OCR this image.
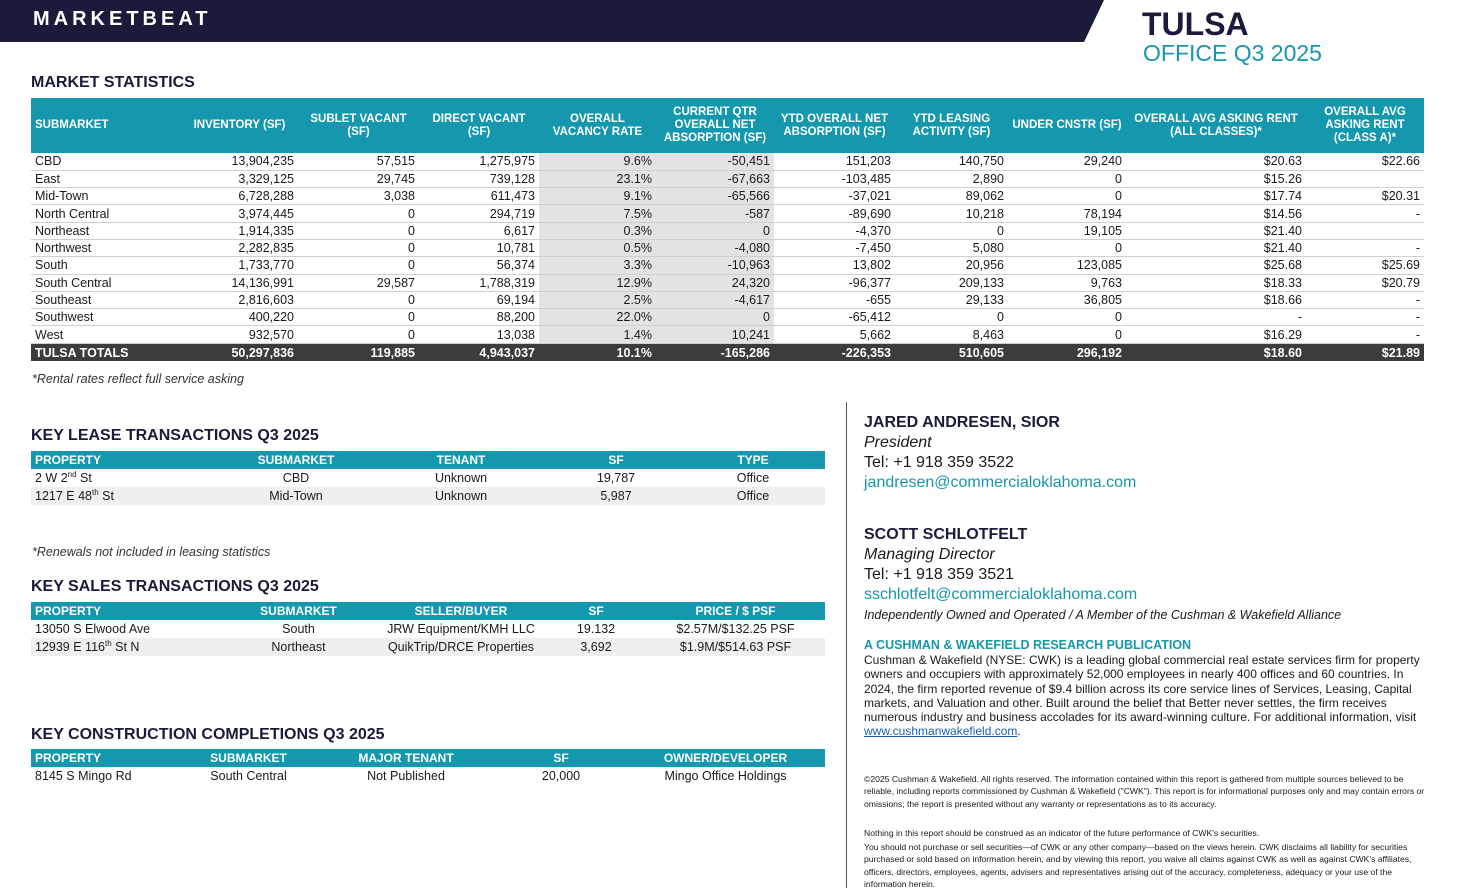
MARKETBEAT	TULSA
OFFICE Q3 2025
MARKET STATISTICS
SUBMARKET	INVENTORY (SF)	SUBLET VACANT (SF)	DIRECT VACANT (SF)	OVERALL VACANCY RATE	CURRENT QTR OVERALL NET ABSORPTION (SF)	YTD OVERALL NET ABSORPTION (SF)	YTD LEASING ACTIVITY (SF)	UNDER CNSTR (SF)	OVERALL AVG ASKING RENT (ALL CLASSES)*	OVERALL AVG ASKING RENT (CLASS A)*
CBD	13,904,235	57,515	1,275,975	9.6%	-50,451	151,203	140,750	29,240	$20.63	$22.66
East	3,329,125	29,745	739,128	23.1%	-67,663	-103,485	2,890	0	$15.26	
Mid-Town	6,728,288	3,038	611,473	9.1%	-65,566	-37,021	89,062	0	$17.74	$20.31
North Central	3,974,445	0	294,719	7.5%	-587	-89,690	10,218	78,194	$14.56	-
Northeast	1,914,335	0	6,617	0.3%	0	-4,370	0	19,105	$21.40	
Northwest	2,282,835	0	10,781	0.5%	-4,080	-7,450	5,080	0	$21.40	-
South	1,733,770	0	56,374	3.3%	-10,963	13,802	20,956	123,085	$25.68	$25.69
South Central	14,136,991	29,587	1,788,319	12.9%	24,320	-96,377	209,133	9,763	$18.33	$20.79
Southeast	2,816,603	0	69,194	2.5%	-4,617	-655	29,133	36,805	$18.66	-
Southwest	400,220	0	88,200	22.0%	0	-65,412	0	0	-	-
West	932,570	0	13,038	1.4%	10,241	5,662	8,463	0	$16.29	-
TULSA TOTALS	50,297,836	119,885	4,943,037	10.1%	-165,286	-226,353	510,605	296,192	$18.60	$21.89
*Rental rates reflect full service asking
KEY LEASE TRANSACTIONS Q3 2025
PROPERTY	SUBMARKET	TENANT	SF	TYPE
2 W 2nd St	CBD	Unknown	19,787	Office
1217 E 48th St	Mid-Town	Unknown	5,987	Office
*Renewals not included in leasing statistics
KEY SALES TRANSACTIONS Q3 2025
PROPERTY	SUBMARKET	SELLER/BUYER	SF	PRICE / $ PSF
13050 S Elwood Ave	South	JRW Equipment/KMH LLC	19.132	$2.57M/$132.25 PSF
12939 E 116th St N	Northeast	QuikTrip/DRCE Properties	3,692	$1.9M/$514.63 PSF
KEY CONSTRUCTION COMPLETIONS Q3 2025
PROPERTY	SUBMARKET	MAJOR TENANT	SF	OWNER/DEVELOPER
8145 S Mingo Rd	South Central	Not Published	20,000	Mingo Office Holdings
JARED ANDRESEN, SIOR
President
Tel: +1 918 359 3522
jandresen@commercialoklahoma.com
SCOTT SCHLOTFELT
Managing Director
Tel: +1 918 359 3521
sschlotfelt@commercialoklahoma.com
Independently Owned and Operated / A Member of the Cushman & Wakefield Alliance
A CUSHMAN & WAKEFIELD RESEARCH PUBLICATION
Cushman & Wakefield (NYSE: CWK) is a leading global commercial real estate services firm for property owners and occupiers with approximately 52,000 employees in nearly 400 offices and 60 countries. In 2024, the firm reported revenue of $9.4 billion across its core service lines of Services, Leasing, Capital markets, and Valuation and other. Built around the belief that Better never settles, the firm receives numerous industry and business accolades for its award-winning culture. For additional information, visit www.cushmanwakefield.com.
©2025 Cushman & Wakefield. All rights reserved. The information contained within this report is gathered from multiple sources believed to be reliable, including reports commissioned by Cushman & Wakefield ("CWK"). This report is for informational purposes only and may contain errors or omissions; the report is presented without any warranty or representations as to its accuracy.
Nothing in this report should be construed as an indicator of the future performance of CWK's securities.
You should not purchase or sell securities—of CWK or any other company—based on the views herein. CWK disclaims all liability for securities purchased or sold based on information herein, and by viewing this report, you waive all claims against CWK as well as against CWK's affiliates, officers, directors, employees, agents, advisers and representatives arising out of the accuracy, completeness, adequacy or your use of the information herein.
